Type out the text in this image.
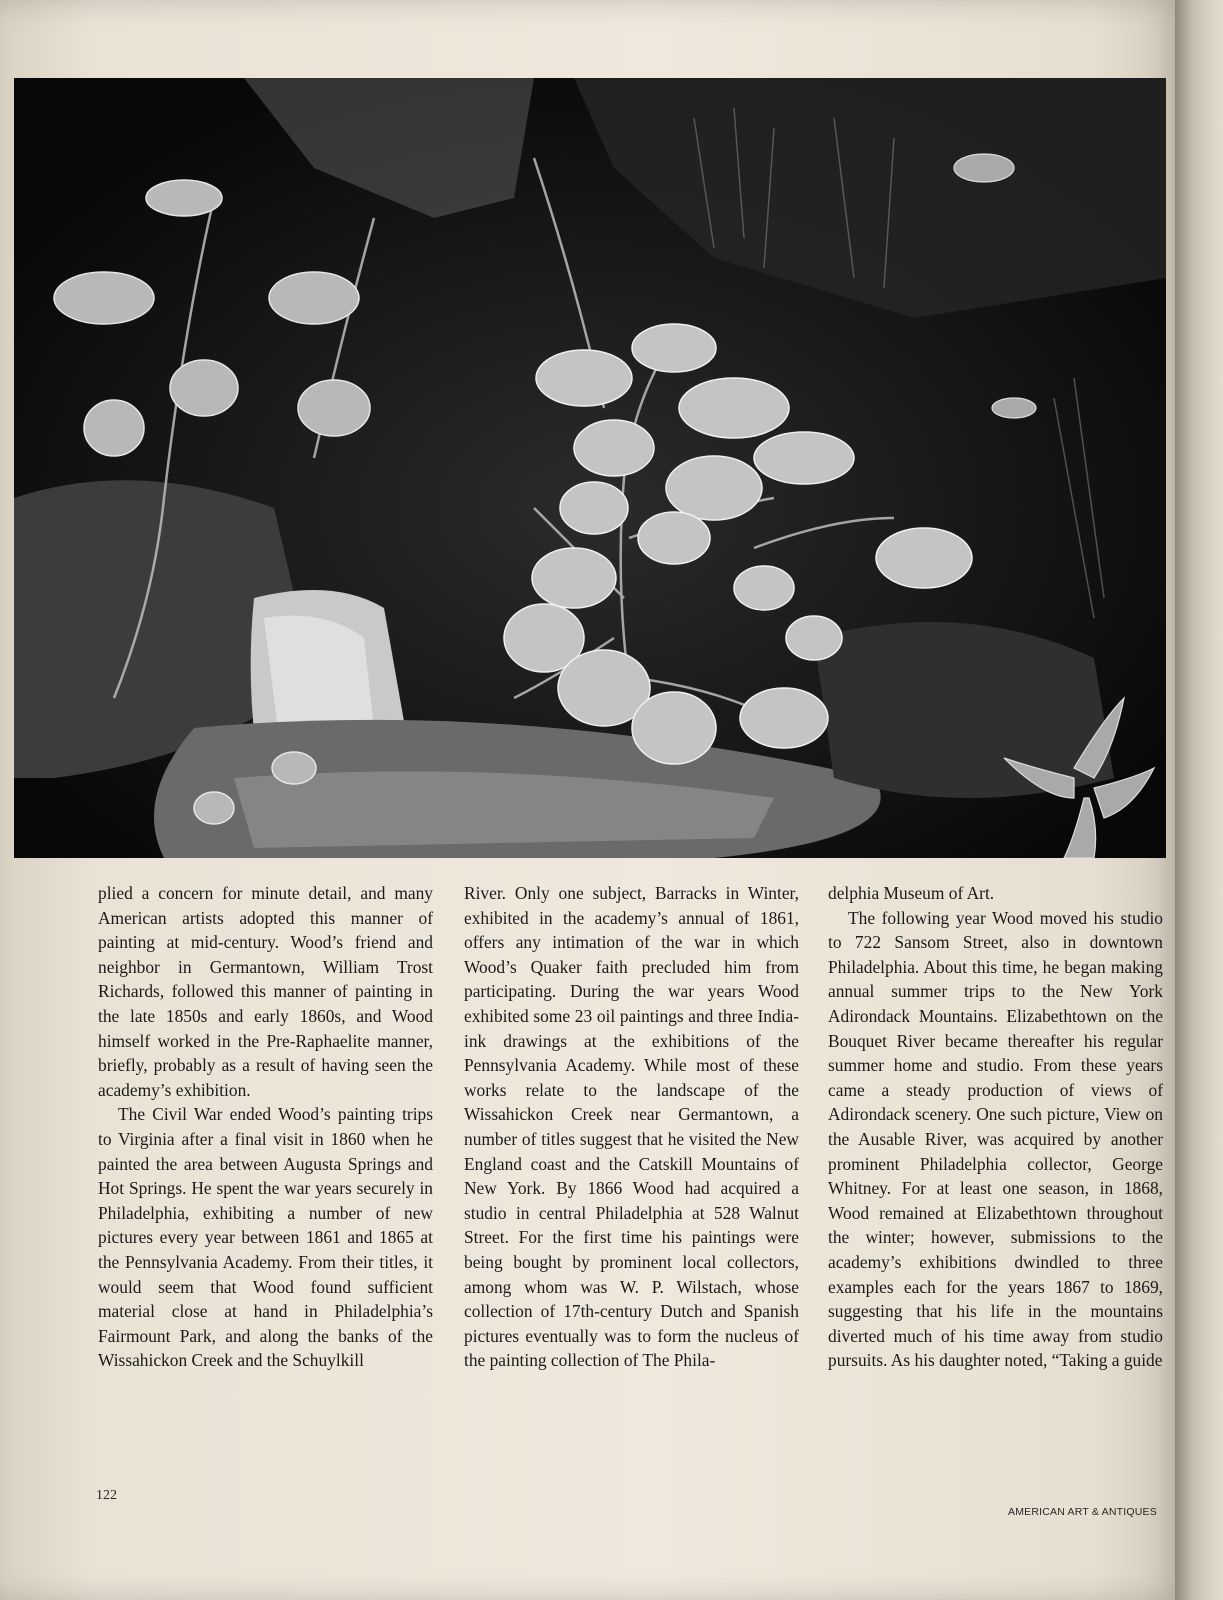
plied a concern for minute detail, and many American artists adopted this manner of painting at mid-century. Wood’s friend and neighbor in Germantown, William Trost Richards, followed this manner of painting in the late 1850s and early 1860s, and Wood himself worked in the Pre-Raphaelite manner, briefly, probably as a result of having seen the academy’s exhibition.

The Civil War ended Wood’s painting trips to Virginia after a final visit in 1860 when he painted the area between Augusta Springs and Hot Springs. He spent the war years securely in Philadelphia, exhibiting a number of new pictures every year between 1861 and 1865 at the Pennsylvania Academy. From their titles, it would seem that Wood found sufficient material close at hand in Philadelphia’s Fairmount Park, and along the banks of the Wissahickon Creek and the Schuylkill

River. Only one subject, Barracks in Winter, exhibited in the academy’s annual of 1861, offers any intimation of the war in which Wood’s Quaker faith precluded him from participating. During the war years Wood exhibited some 23 oil paintings and three India-ink drawings at the exhibitions of the Pennsylvania Academy. While most of these works relate to the landscape of the Wissahickon Creek near Germantown, a number of titles suggest that he visited the New England coast and the Catskill Mountains of New York. By 1866 Wood had acquired a studio in central Philadelphia at 528 Walnut Street. For the first time his paintings were being bought by prominent local collectors, among whom was W. P. Wilstach, whose collection of 17th-century Dutch and Spanish pictures eventually was to form the nucleus of the painting collection of The Phila-

delphia Museum of Art.

The following year Wood moved his studio to 722 Sansom Street, also in downtown Philadelphia. About this time, he began making annual summer trips to the New York Adirondack Mountains. Elizabethtown on the Bouquet River became thereafter his regular summer home and studio. From these years came a steady production of views of Adirondack scenery. One such picture, View on the Ausable River, was acquired by another prominent Philadelphia collector, George Whitney. For at least one season, in 1868, Wood remained at Elizabethtown throughout the winter; however, submissions to the academy’s exhibitions dwindled to three examples each for the years 1867 to 1869, suggesting that his life in the mountains diverted much of his time away from studio pursuits. As his daughter noted, “Taking a guide

122
AMERICAN ART & ANTIQUES
